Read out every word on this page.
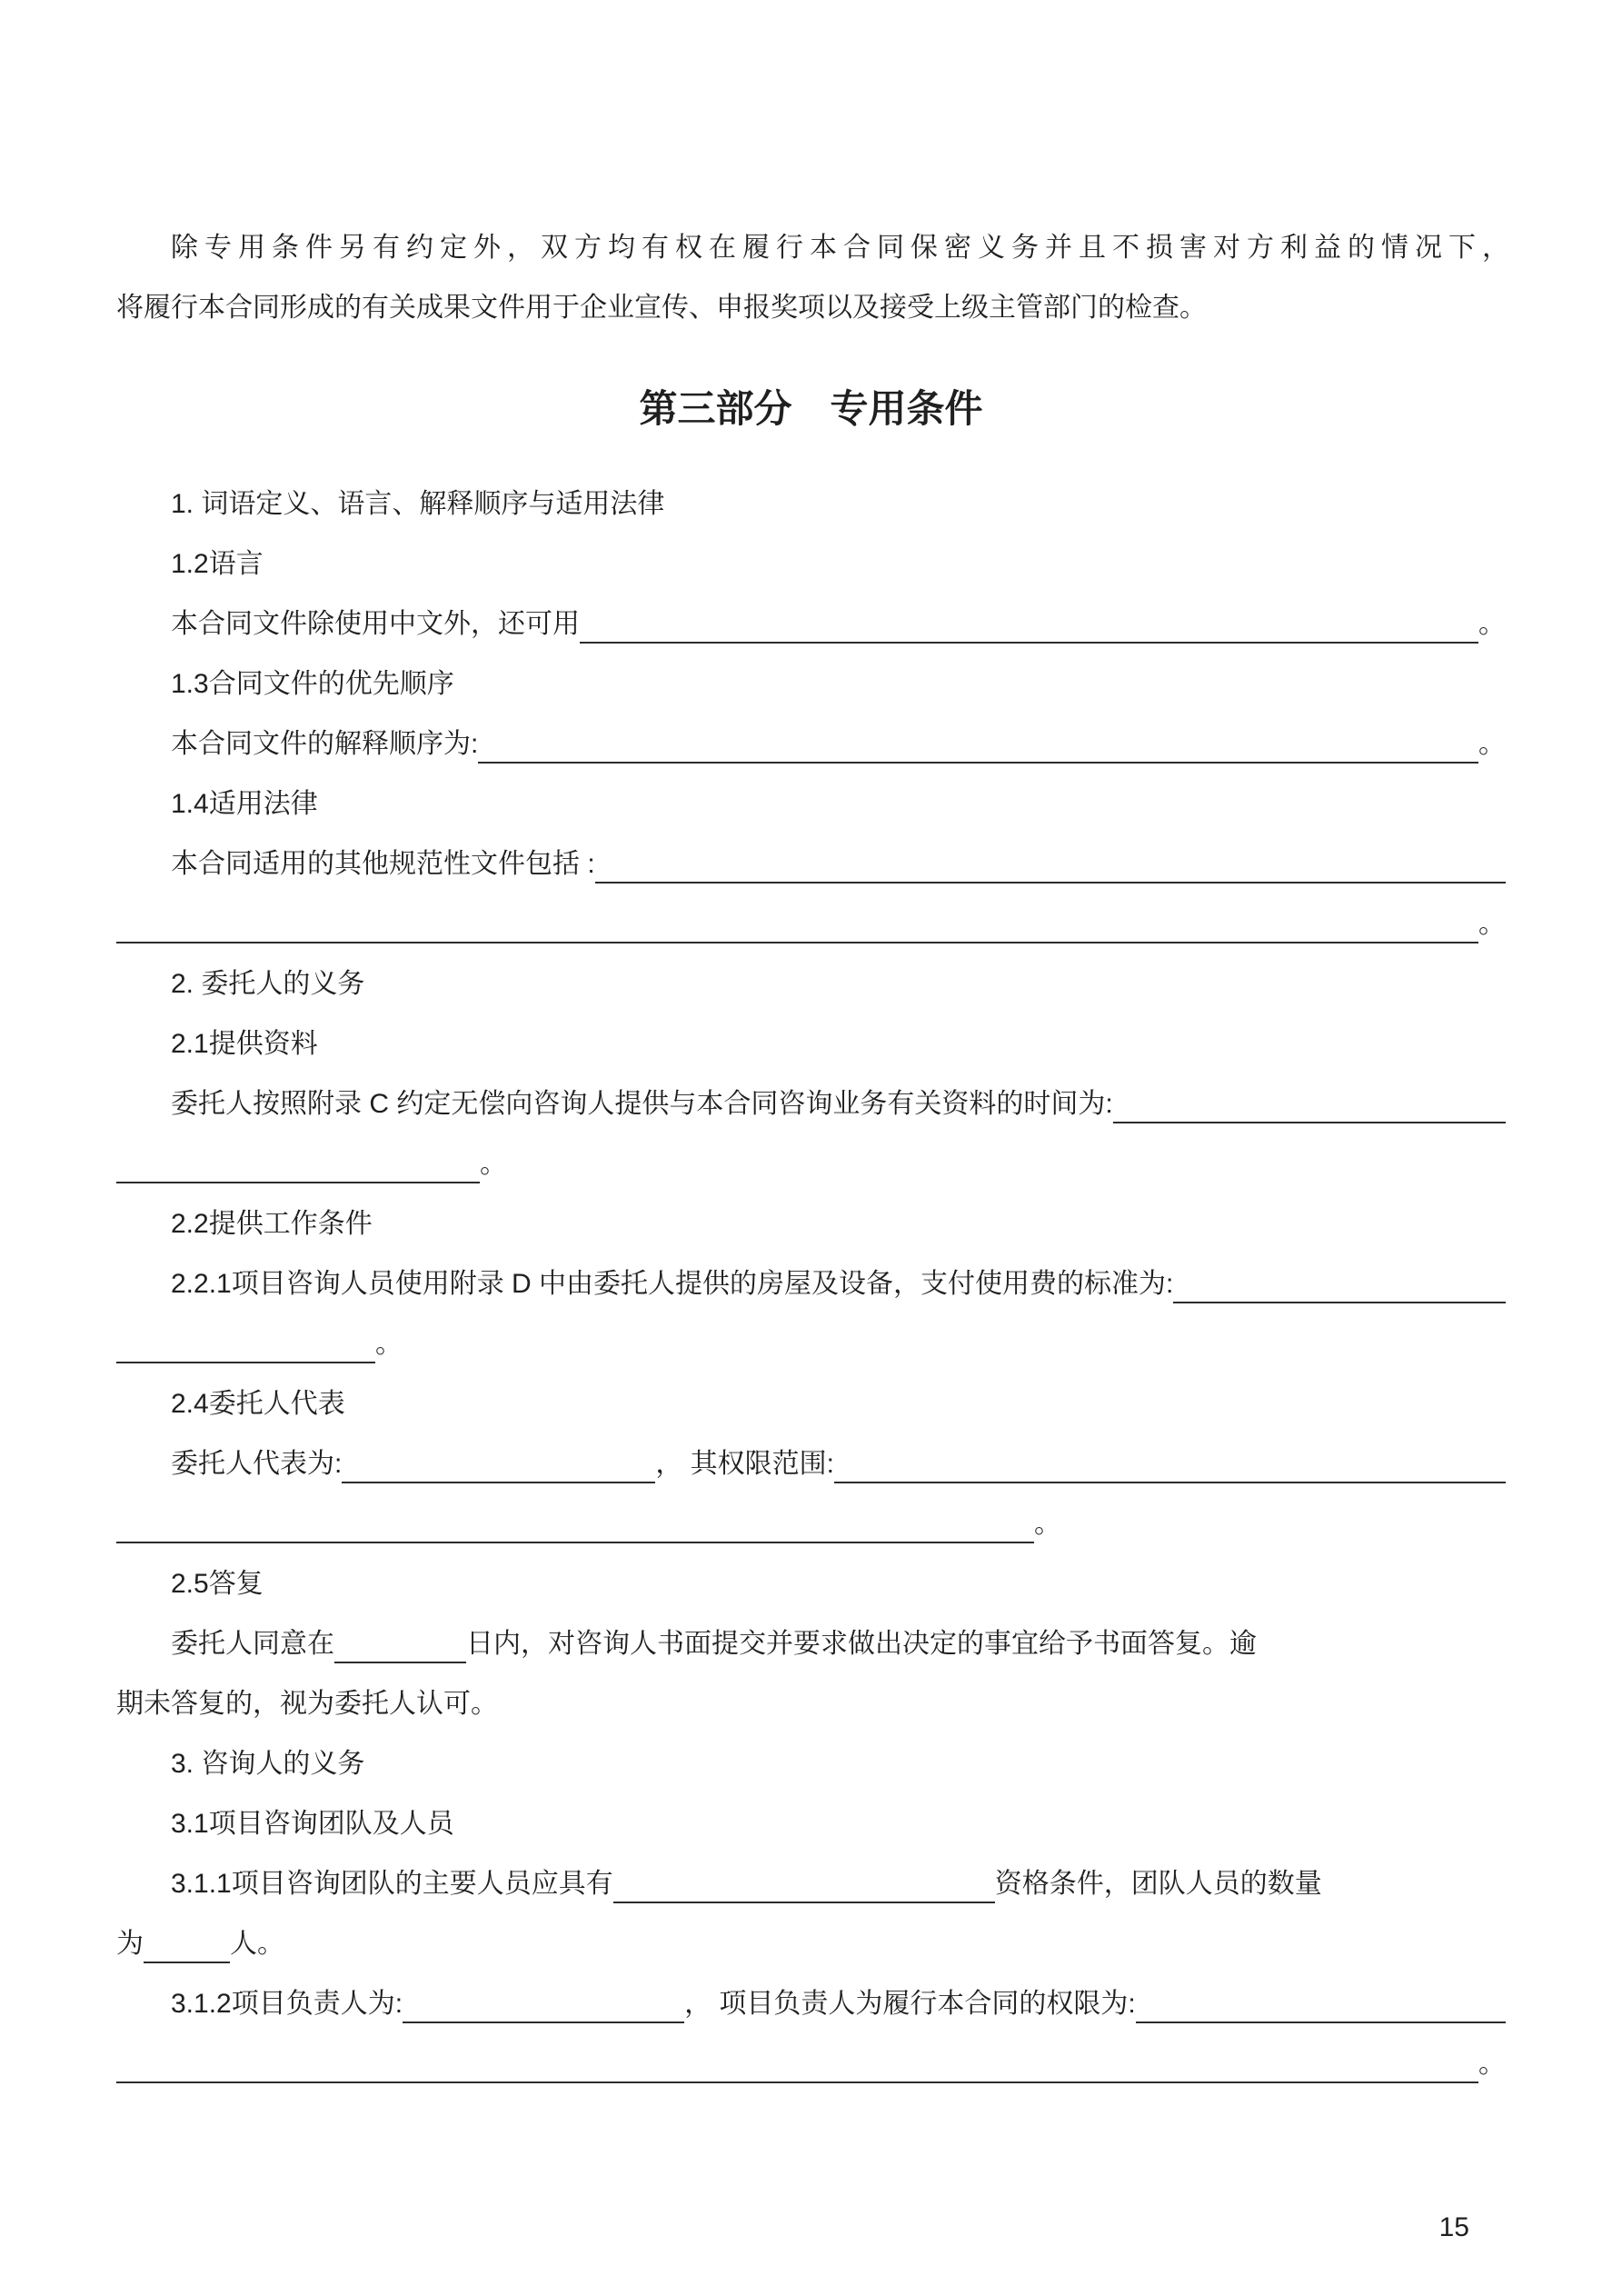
除专用条件另有约定外，双方均有权在履行本合同保密义务并且不损害对方利益的情况下，
将履行本合同形成的有关成果文件用于企业宣传、申报奖项以及接受上级主管部门的检查。
第三部分　专用条件
1. 词语定义、语言、解释顺序与适用法律
1.2语言
本合同文件除使用中文外，还可用	。
1.3合同文件的优先顺序
本合同文件的解释顺序为:	。
1.4适用法律
本合同适用的其他规范性文件包括 :
。
2. 委托人的义务
2.1提供资料
委托人按照附录 C 约定无偿向咨询人提供与本合同咨询业务有关资料的时间为:
。
2.2提供工作条件
2.2.1项目咨询人员使用附录 D 中由委托人提供的房屋及设备，支付使用费的标准为:
。
2.4委托人代表
委托人代表为:	， 其权限范围:
。
2.5答复
委托人同意在	日内，对咨询人书面提交并要求做出决定的事宜给予书面答复。逾
期未答复的，视为委托人认可。
3. 咨询人的义务
3.1项目咨询团队及人员
3.1.1项目咨询团队的主要人员应具有	资格条件，团队人员的数量
为	人。
3.1.2项目负责人为:	， 项目负责人为履行本合同的权限为:
。
15
